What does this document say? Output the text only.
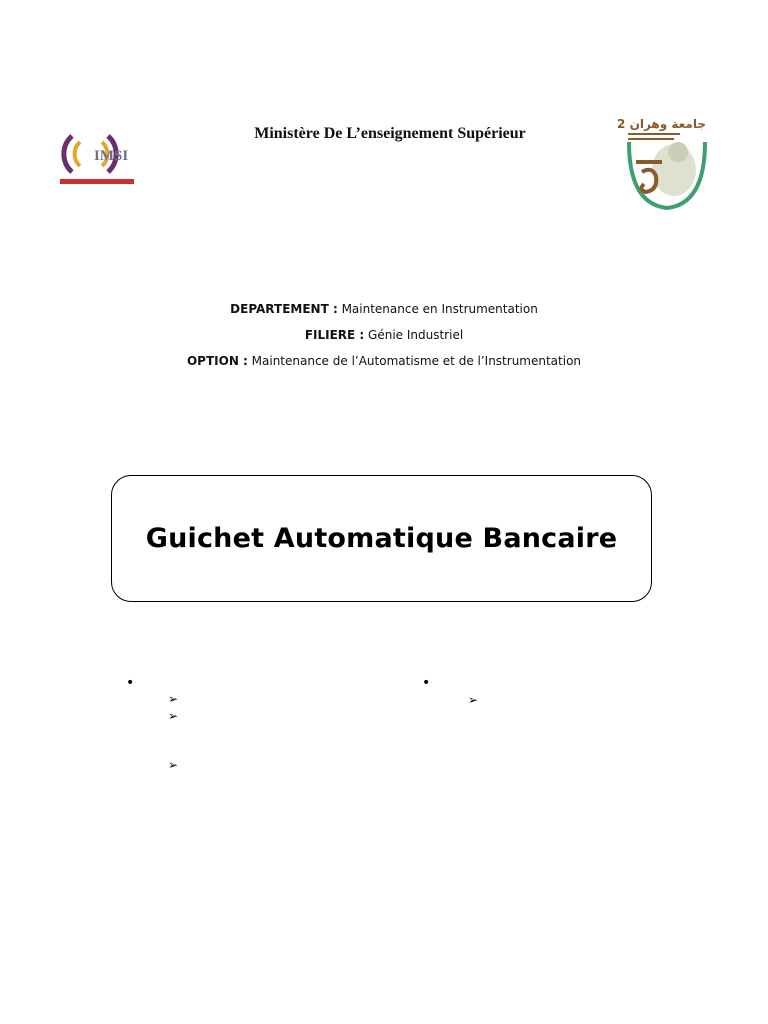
IMSI
Ministère De L’enseignement Supérieur
جامعة وهران 2
DEPARTEMENT : Maintenance en Instrumentation
FILIERE : Génie Industriel
OPTION : Maintenance de l’Automatisme et de l’Instrumentation
Guichet Automatique Bancaire
•
➢
➢
➢
•
➢
